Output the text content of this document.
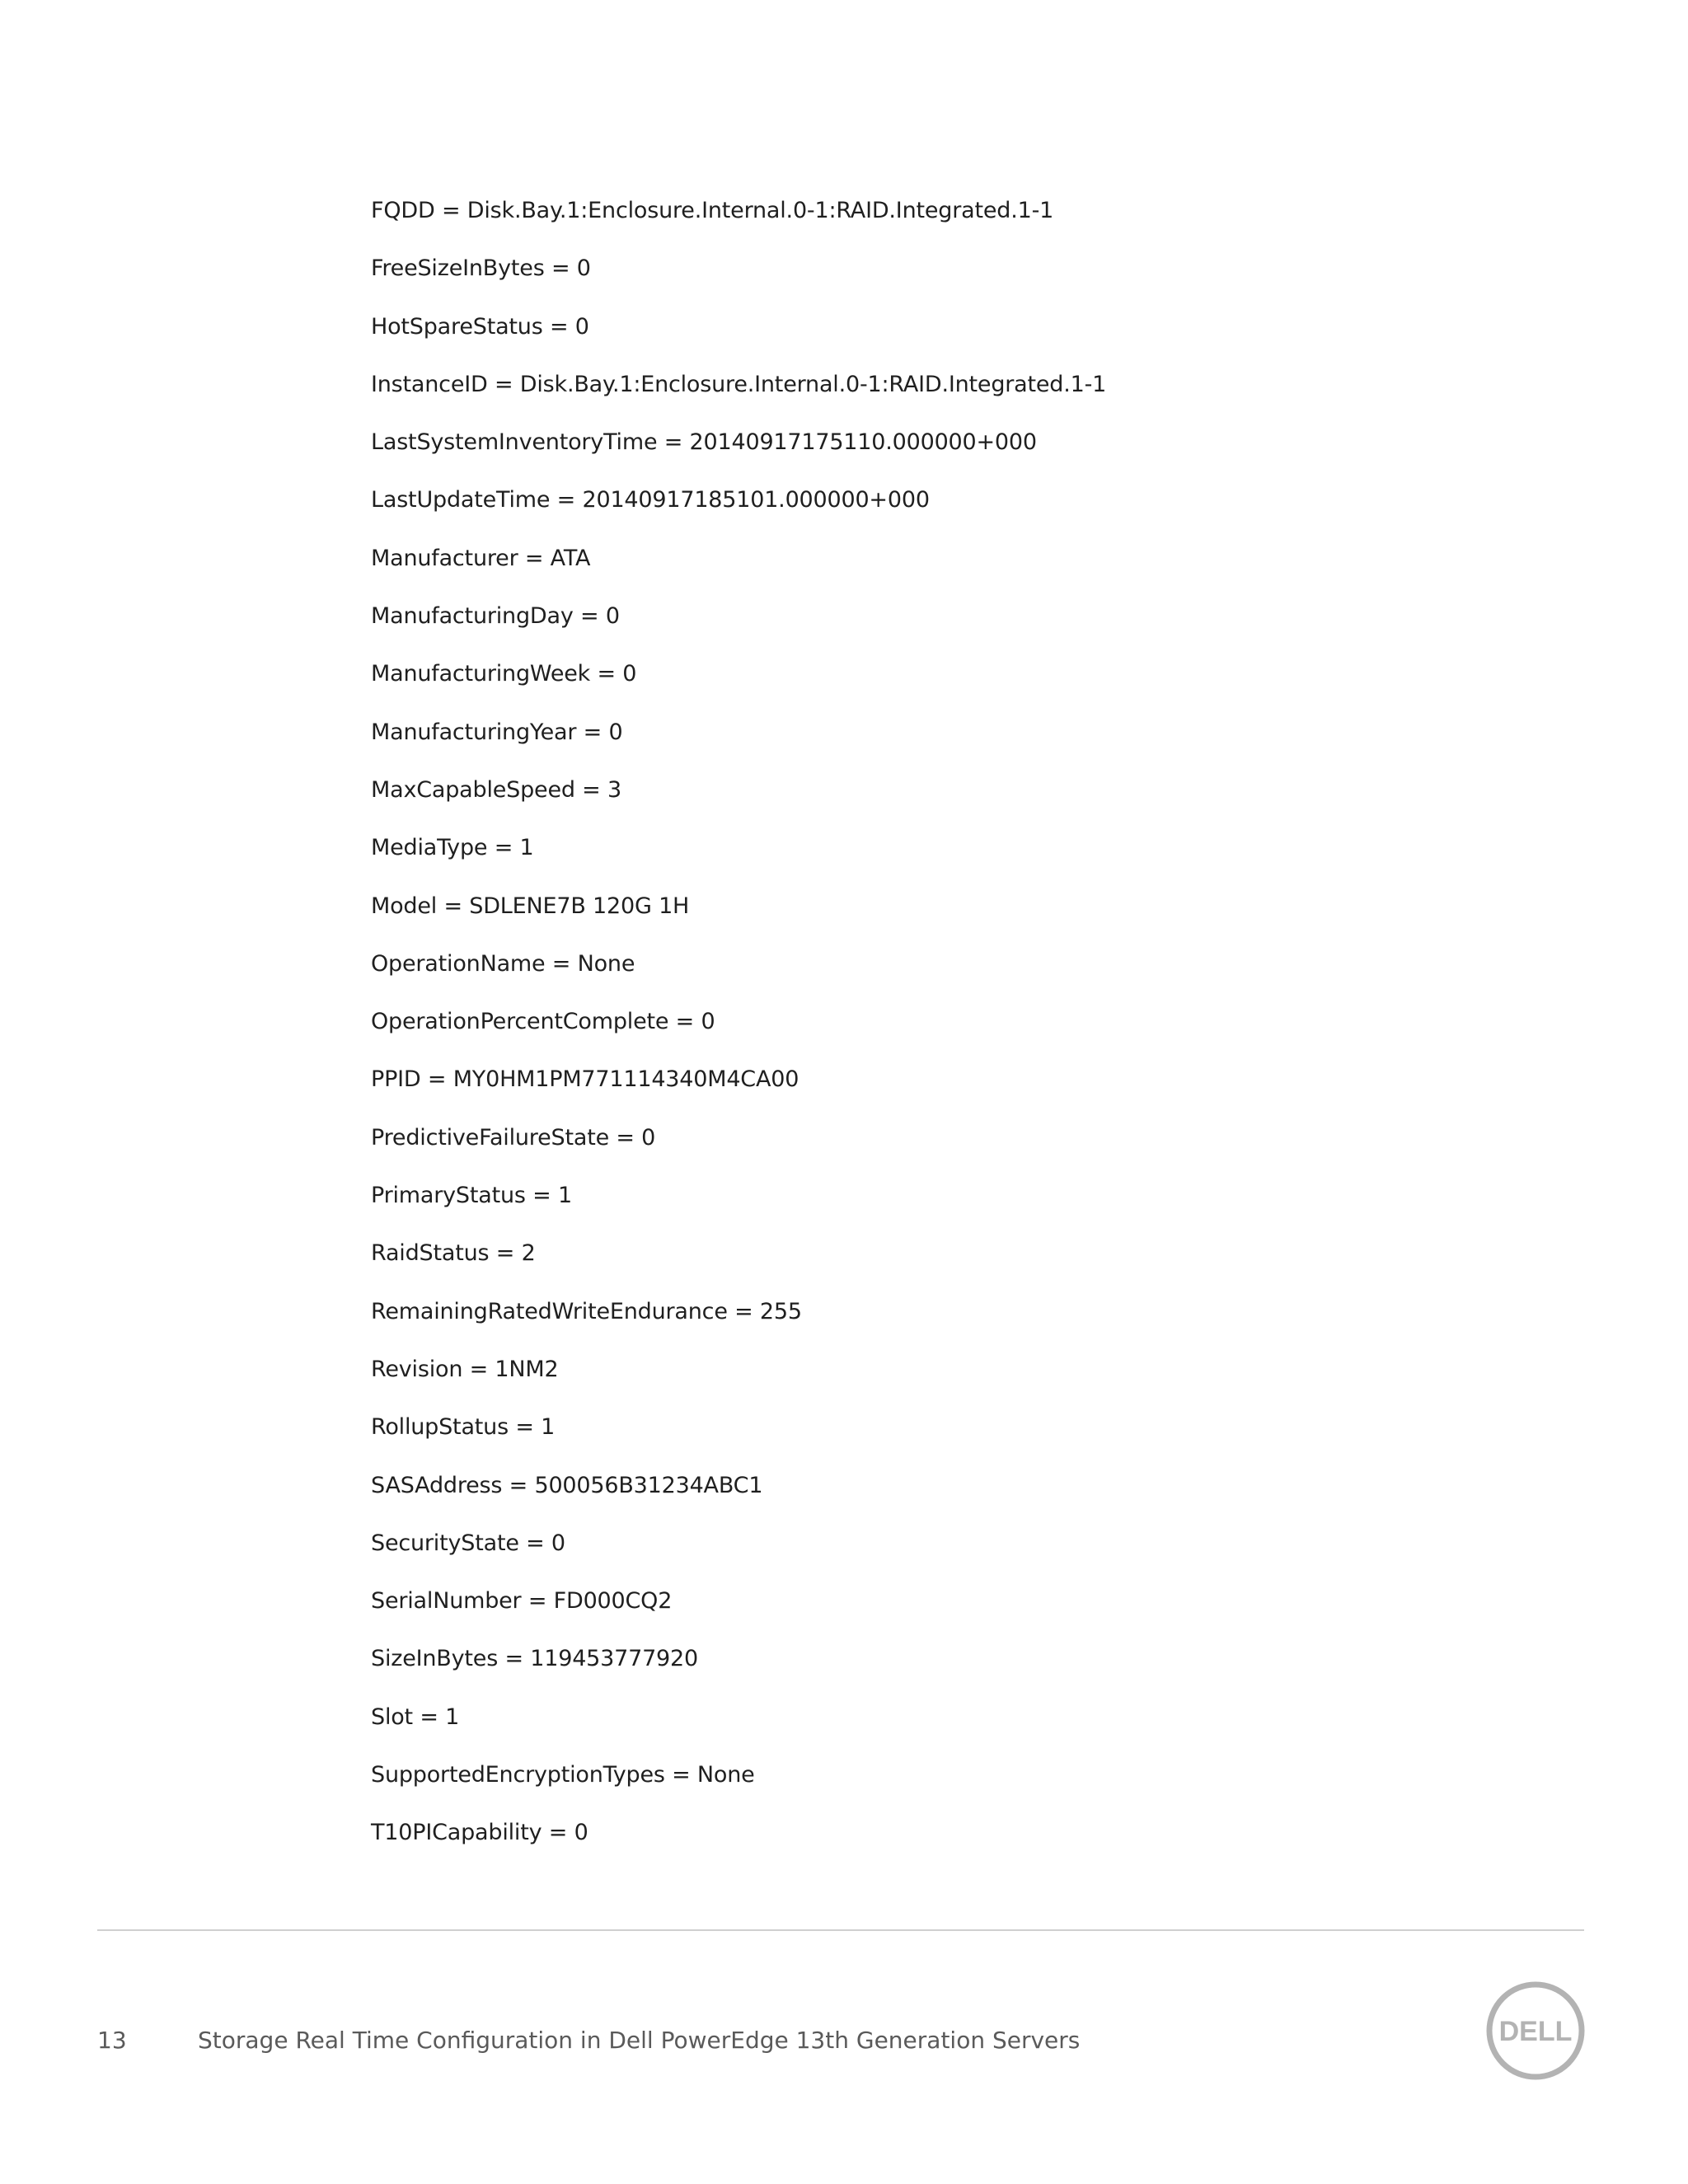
FQDD = Disk.Bay.1:Enclosure.Internal.0-1:RAID.Integrated.1-1
FreeSizeInBytes = 0
HotSpareStatus = 0
InstanceID = Disk.Bay.1:Enclosure.Internal.0-1:RAID.Integrated.1-1
LastSystemInventoryTime = 20140917175110.000000+000
LastUpdateTime = 20140917185101.000000+000
Manufacturer = ATA
ManufacturingDay = 0
ManufacturingWeek = 0
ManufacturingYear = 0
MaxCapableSpeed = 3
MediaType = 1
Model = SDLENE7B 120G 1H
OperationName = None
OperationPercentComplete = 0
PPID = MY0HM1PM771114340M4CA00
PredictiveFailureState = 0
PrimaryStatus = 1
RaidStatus = 2
RemainingRatedWriteEndurance = 255
Revision = 1NM2
RollupStatus = 1
SASAddress = 500056B31234ABC1
SecurityState = 0
SerialNumber = FD000CQ2
SizeInBytes = 119453777920
Slot = 1
SupportedEncryptionTypes = None
T10PICapability = 0
13	Storage Real Time Configuration in Dell PowerEdge 13th Generation Servers	DELL
